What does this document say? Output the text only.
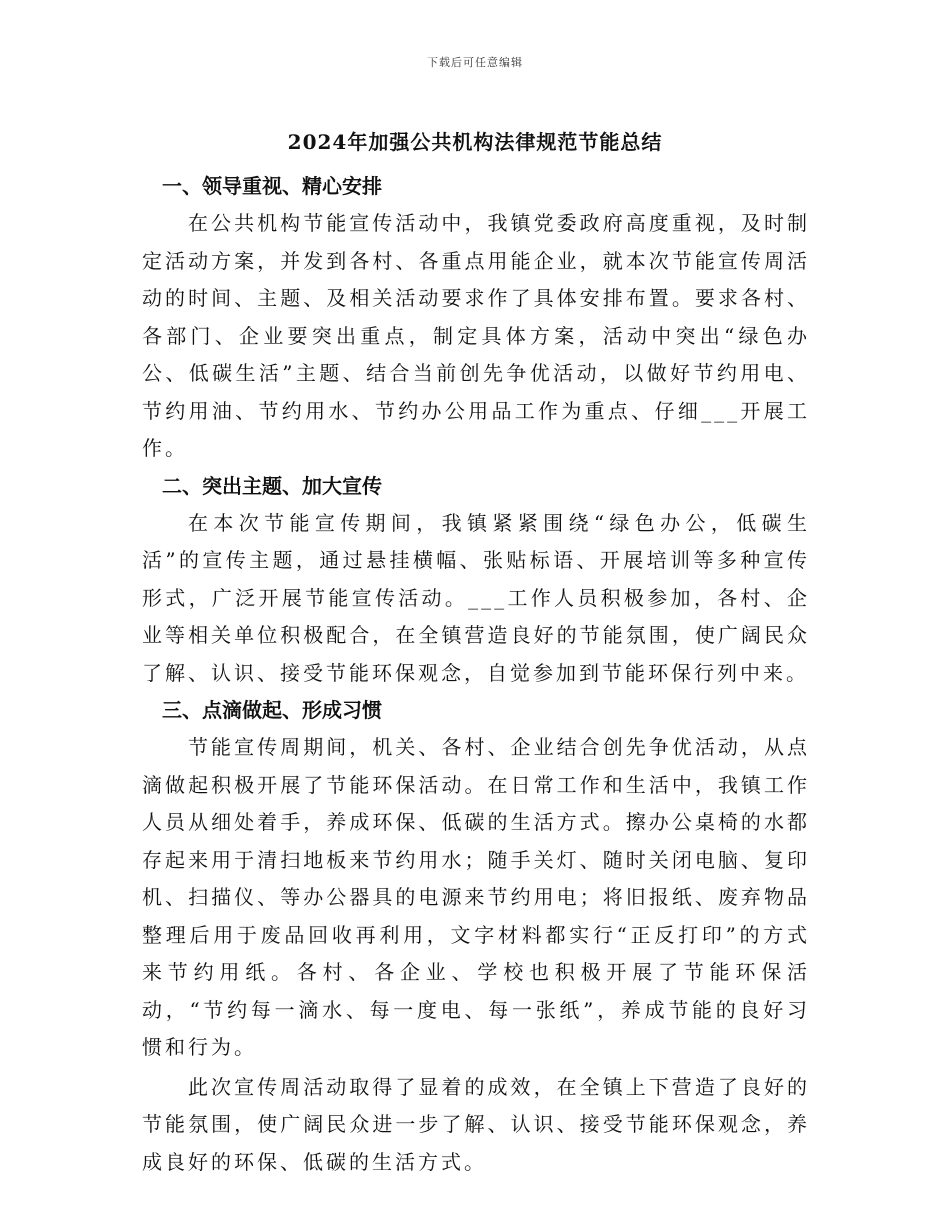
下载后可任意编辑
2024年加强公共机构法律规范节能总结

一、领导重视、精心安排

在公共机构节能宣传活动中，我镇党委政府高度重视，及时制定活动方案，并发到各村、各重点用能企业，就本次节能宣传周活动的时间、主题、及相关活动要求作了具体安排布置。要求各村、各部门、企业要突出重点，制定具体方案，活动中突出“绿色办公、低碳生活”主题、结合当前创先争优活动，以做好节约用电、节约用油、节约用水、节约办公用品工作为重点、仔细___开展工作。

二、突出主题、加大宣传

在本次节能宣传期间，我镇紧紧围绕“绿色办公，低碳生活”的宣传主题，通过悬挂横幅、张贴标语、开展培训等多种宣传形式，广泛开展节能宣传活动。___工作人员积极参加，各村、企业等相关单位积极配合，在全镇营造良好的节能氛围，使广阔民众了解、认识、接受节能环保观念，自觉参加到节能环保行列中来。

三、点滴做起、形成习惯

节能宣传周期间，机关、各村、企业结合创先争优活动，从点滴做起积极开展了节能环保活动。在日常工作和生活中，我镇工作人员从细处着手，养成环保、低碳的生活方式。擦办公桌椅的水都存起来用于清扫地板来节约用水；随手关灯、随时关闭电脑、复印机、扫描仪、等办公器具的电源来节约用电；将旧报纸、废弃物品整理后用于废品回收再利用，文字材料都实行“正反打印”的方式来节约用纸。各村、各企业、学校也积极开展了节能环保活动，“节约每一滴水、每一度电、每一张纸”，养成节能的良好习惯和行为。

此次宣传周活动取得了显着的成效，在全镇上下营造了良好的节能氛围，使广阔民众进一步了解、认识、接受节能环保观念，养成良好的环保、低碳的生活方式。
